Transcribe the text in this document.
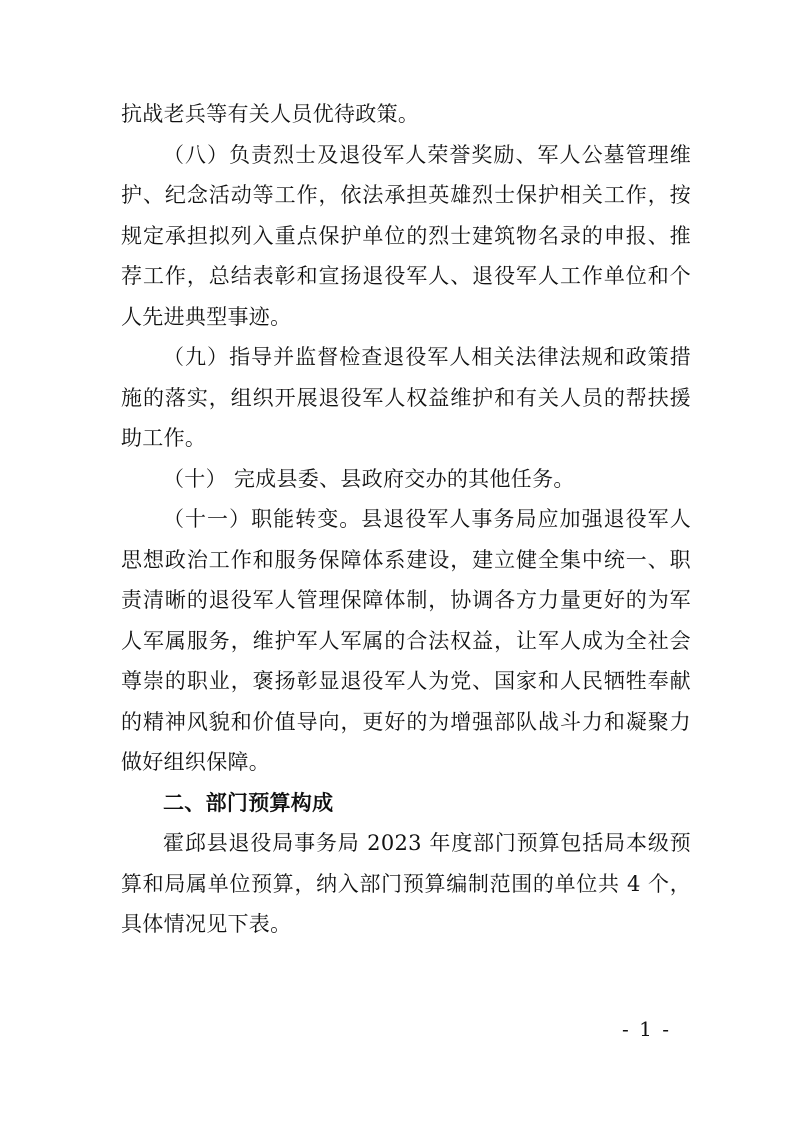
抗战老兵等有关人员优待政策。

（八）负责烈士及退役军人荣誉奖励、军人公墓管理维护、纪念活动等工作，依法承担英雄烈士保护相关工作，按规定承担拟列入重点保护单位的烈士建筑物名录的申报、推荐工作，总结表彰和宣扬退役军人、退役军人工作单位和个人先进典型事迹。

（九）指导并监督检查退役军人相关法律法规和政策措施的落实，组织开展退役军人权益维护和有关人员的帮扶援助工作。

（十） 完成县委、县政府交办的其他任务。

（十一）职能转变。县退役军人事务局应加强退役军人思想政治工作和服务保障体系建设，建立健全集中统一、职责清晰的退役军人管理保障体制，协调各方力量更好的为军人军属服务，维护军人军属的合法权益，让军人成为全社会尊崇的职业，褒扬彰显退役军人为党、国家和人民牺牲奉献的精神风貌和价值导向，更好的为增强部队战斗力和凝聚力做好组织保障。

二、部门预算构成

霍邱县退役局事务局 2023 年度部门预算包括局本级预算和局属单位预算，纳入部门预算编制范围的单位共 4 个，具体情况见下表。

- 1 -
